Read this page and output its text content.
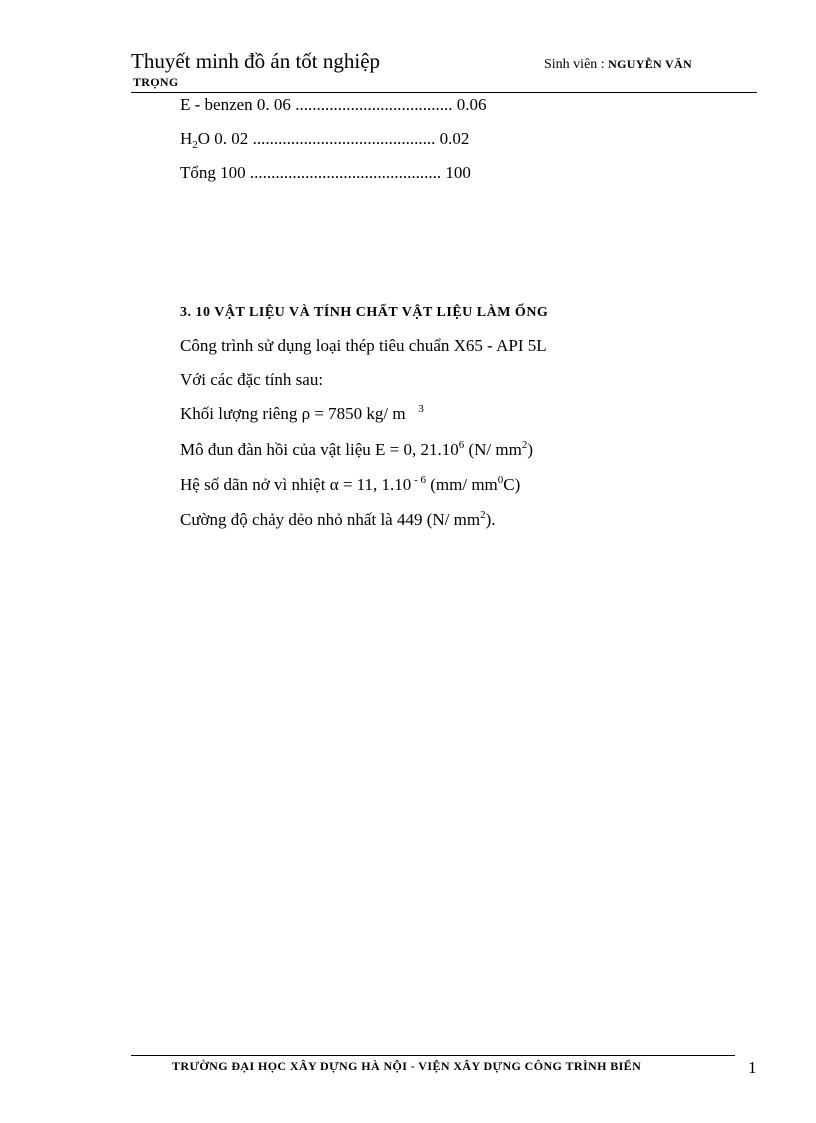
Thuyết minh đồ án tốt nghiệp	Sinh viên : NGUYỄN VĂN
TRỌNG
E - benzen 0. 06 ..................................... 0.06
$H_2O$ 0. 02 ........................................... 0.02
Tổng 100 ............................................. 100
3. 10 VẬT LIỆU VÀ TÍNH CHẤT VẬT LIỆU LÀM ỐNG
Công trình sử dụng loại thép tiêu chuẩn X65 - API 5L
Với các đặc tính sau:
Khối lượng riêng ρ = 7850 kg/ m $^3$
Mô đun đàn hồi của vật liệu E = 0, 21.10$^6$ (N/ $mm^2$)
Hệ số dãn nở vì nhiệt α = 11, 1.10 $^{- 6}$ (mm/ $mm^0C$)
Cường độ chảy dẻo nhỏ nhất là 449 (N/ $mm^2$).
TRƯỜNG ĐẠI HỌC XÂY DỰNG HÀ NỘI - VIỆN XÂY DỰNG CÔNG TRÌNH BIỂN	1
